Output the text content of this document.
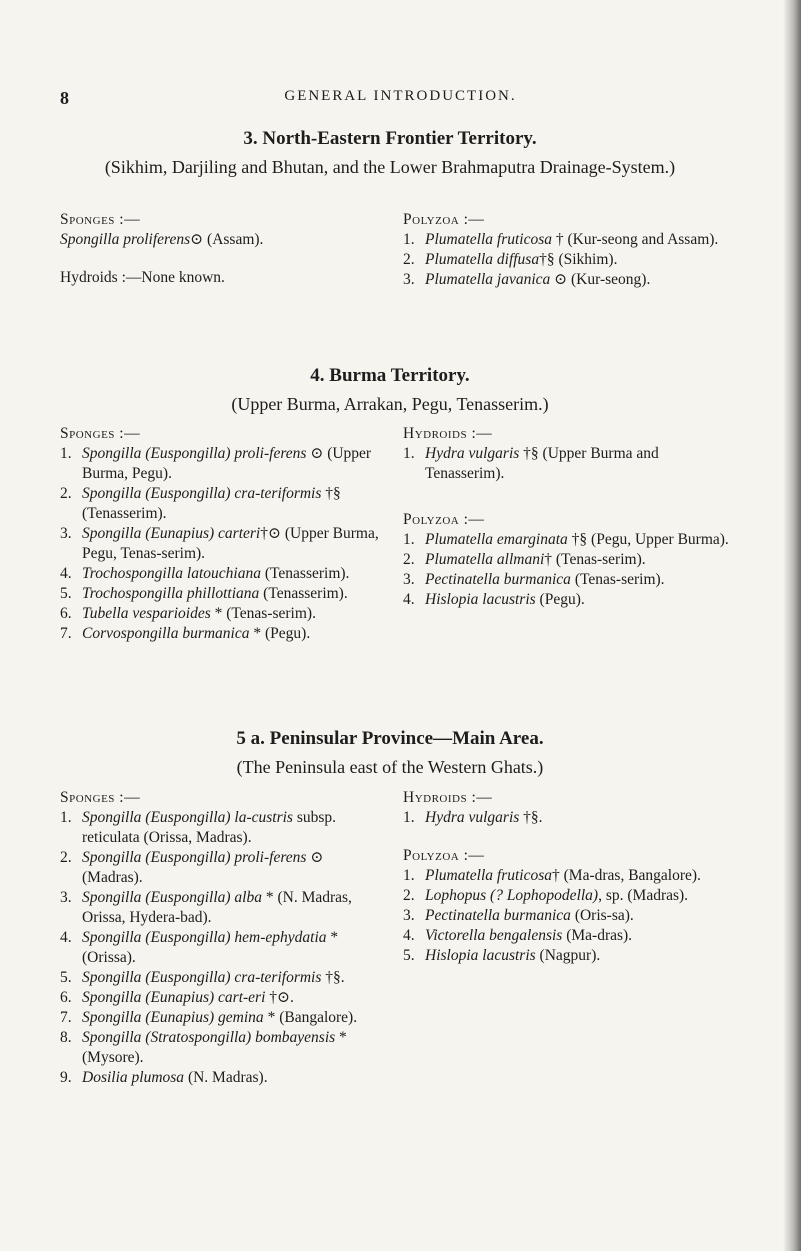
8	GENERAL INTRODUCTION.
3. North-Eastern Frontier Territory.

(Sikhim, Darjiling and Bhutan, and the Lower Brahmaputra Drainage-System.)

Sponges :—

Spongilla proliferens⊙ (Assam).

Hydroids :—None known.

Polyzoa :—

1. Plumatella fruticosa † (Kur-seong and Assam).
2. Plumatella diffusa†§ (Sikhim).
3. Plumatella javanica ⊙ (Kur-seong).
4. Burma Territory.

(Upper Burma, Arrakan, Pegu, Tenasserim.)

Sponges :—

1. Spongilla (Euspongilla) proli-ferens ⊙ (Upper Burma, Pegu).
2. Spongilla (Euspongilla) cra-teriformis †§ (Tenasserim).
3. Spongilla (Eunapius) carteri†⊙ (Upper Burma, Pegu, Tenas-serim).
4. Trochospongilla latouchiana (Tenasserim).
5. Trochospongilla phillottiana (Tenasserim).
6. Tubella vesparioides * (Tenas-serim).
7. Corvospongilla burmanica * (Pegu).

Hydroids :—

1. Hydra vulgaris †§ (Upper Burma and Tenasserim).

Polyzoa :—

1. Plumatella emarginata †§ (Pegu, Upper Burma).
2. Plumatella allmani† (Tenas-serim).
3. Pectinatella burmanica (Tenas-serim).
4. Hislopia lacustris (Pegu).
5 a. Peninsular Province—Main Area.

(The Peninsula east of the Western Ghats.)

Sponges :—

1. Spongilla (Euspongilla) la-custris subsp. reticulata (Orissa, Madras).
2. Spongilla (Euspongilla) proli-ferens ⊙ (Madras).
3. Spongilla (Euspongilla) alba * (N. Madras, Orissa, Hydera-bad).
4. Spongilla (Euspongilla) hem-ephydatia * (Orissa).
5. Spongilla (Euspongilla) cra-teriformis †§.
6. Spongilla (Eunapius) cart-eri †⊙.
7. Spongilla (Eunapius) gemina * (Bangalore).
8. Spongilla (Stratospongilla) bombayensis * (Mysore).
9. Dosilia plumosa (N. Madras).

Hydroids :—

1. Hydra vulgaris †§.

Polyzoa :—

1. Plumatella fruticosa† (Ma-dras, Bangalore).
2. Lophopus (? Lophopodella), sp. (Madras).
3. Pectinatella burmanica (Oris-sa).
4. Victorella bengalensis (Ma-dras).
5. Hislopia lacustris (Nagpur).
